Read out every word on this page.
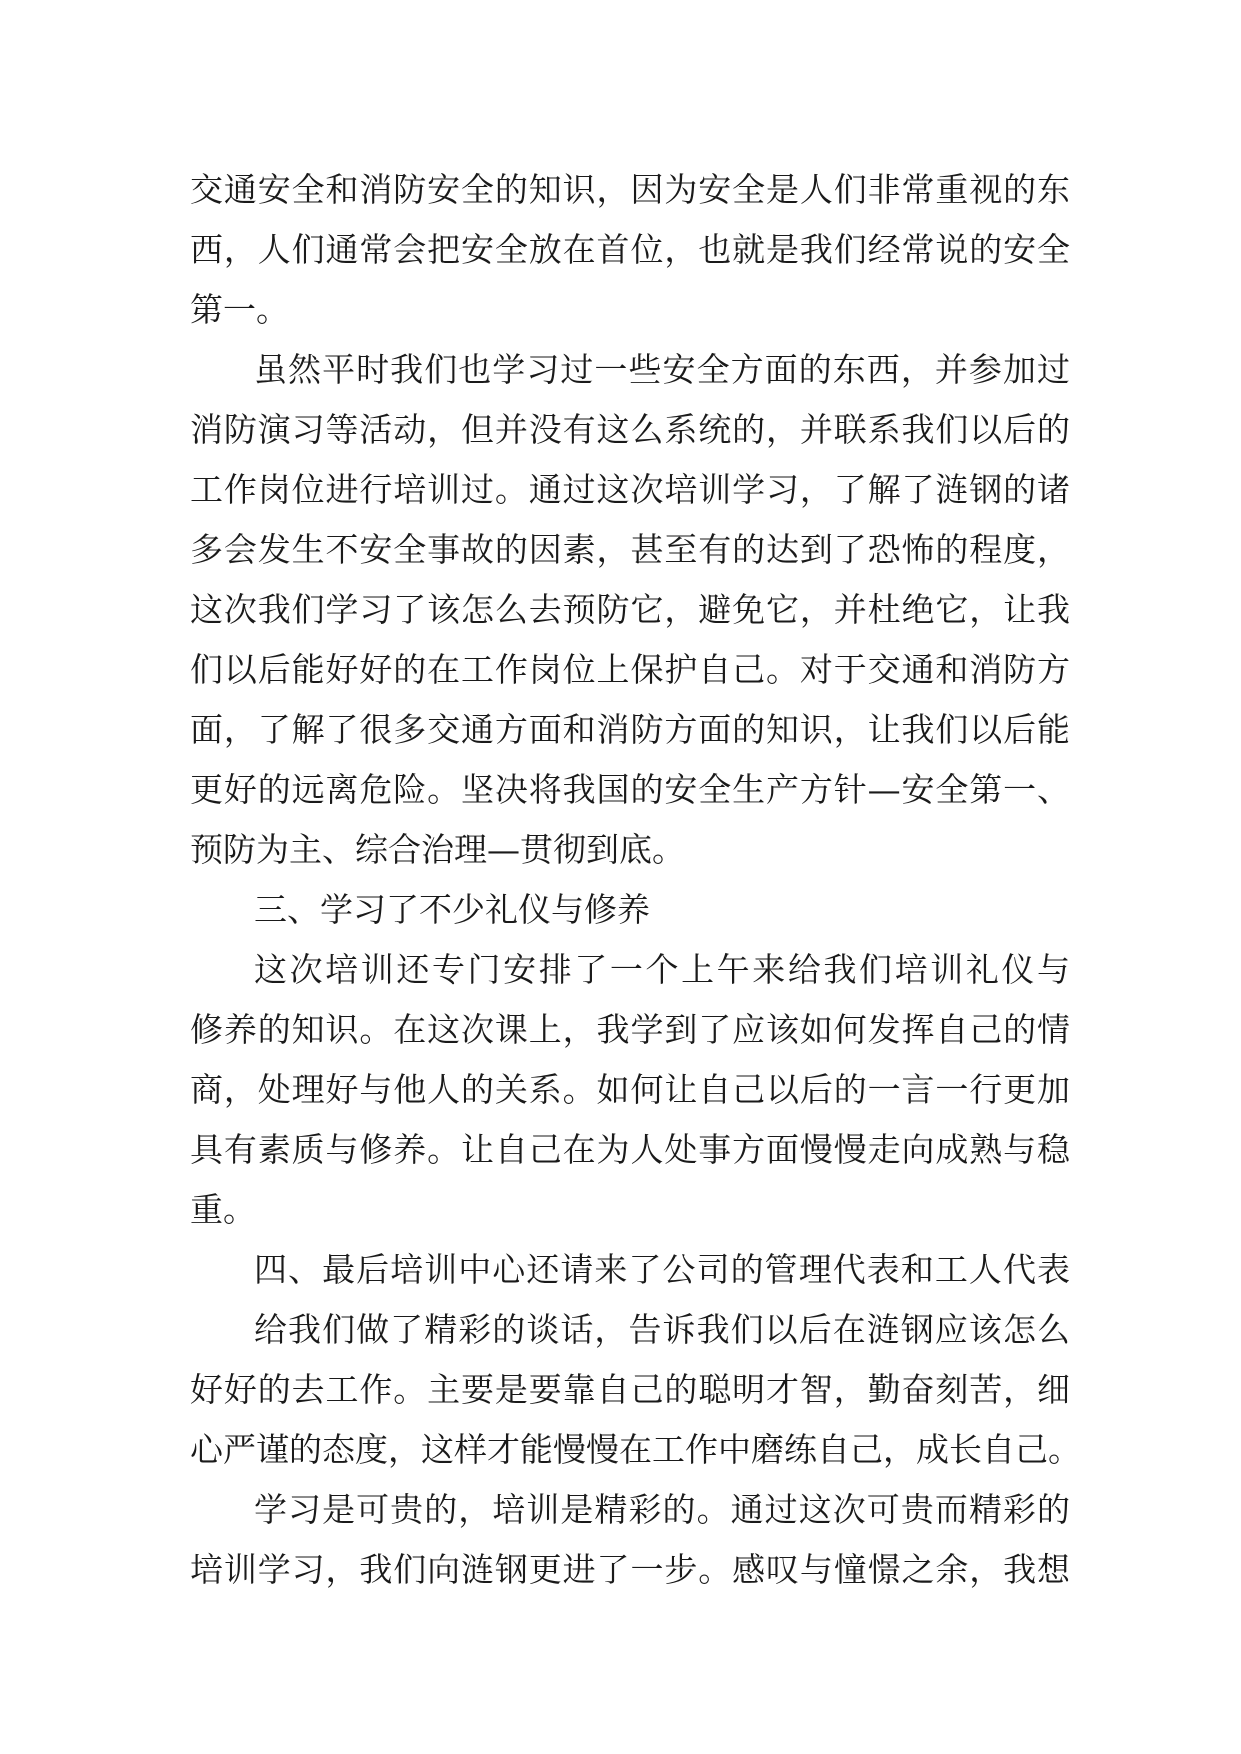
交通安全和消防安全的知识，因为安全是人们非常重视的东
西，人们通常会把安全放在首位，也就是我们经常说的安全
第一。
虽然平时我们也学习过一些安全方面的东西，并参加过
消防演习等活动，但并没有这么系统的，并联系我们以后的
工作岗位进行培训过。通过这次培训学习，了解了涟钢的诸
多会发生不安全事故的因素，甚至有的达到了恐怖的程度，
这次我们学习了该怎么去预防它，避免它，并杜绝它，让我
们以后能好好的在工作岗位上保护自己。对于交通和消防方
面，了解了很多交通方面和消防方面的知识，让我们以后能
更好的远离危险。坚决将我国的安全生产方针—安全第一、
预防为主、综合治理—贯彻到底。
三、学习了不少礼仪与修养
这次培训还专门安排了一个上午来给我们培训礼仪与
修养的知识。在这次课上，我学到了应该如何发挥自己的情
商，处理好与他人的关系。如何让自己以后的一言一行更加
具有素质与修养。让自己在为人处事方面慢慢走向成熟与稳
重。
四、最后培训中心还请来了公司的管理代表和工人代表
给我们做了精彩的谈话，告诉我们以后在涟钢应该怎么
好好的去工作。主要是要靠自己的聪明才智，勤奋刻苦，细
心严谨的态度，这样才能慢慢在工作中磨练自己，成长自己。
学习是可贵的，培训是精彩的。通过这次可贵而精彩的
培训学习，我们向涟钢更进了一步。感叹与憧憬之余，我想
